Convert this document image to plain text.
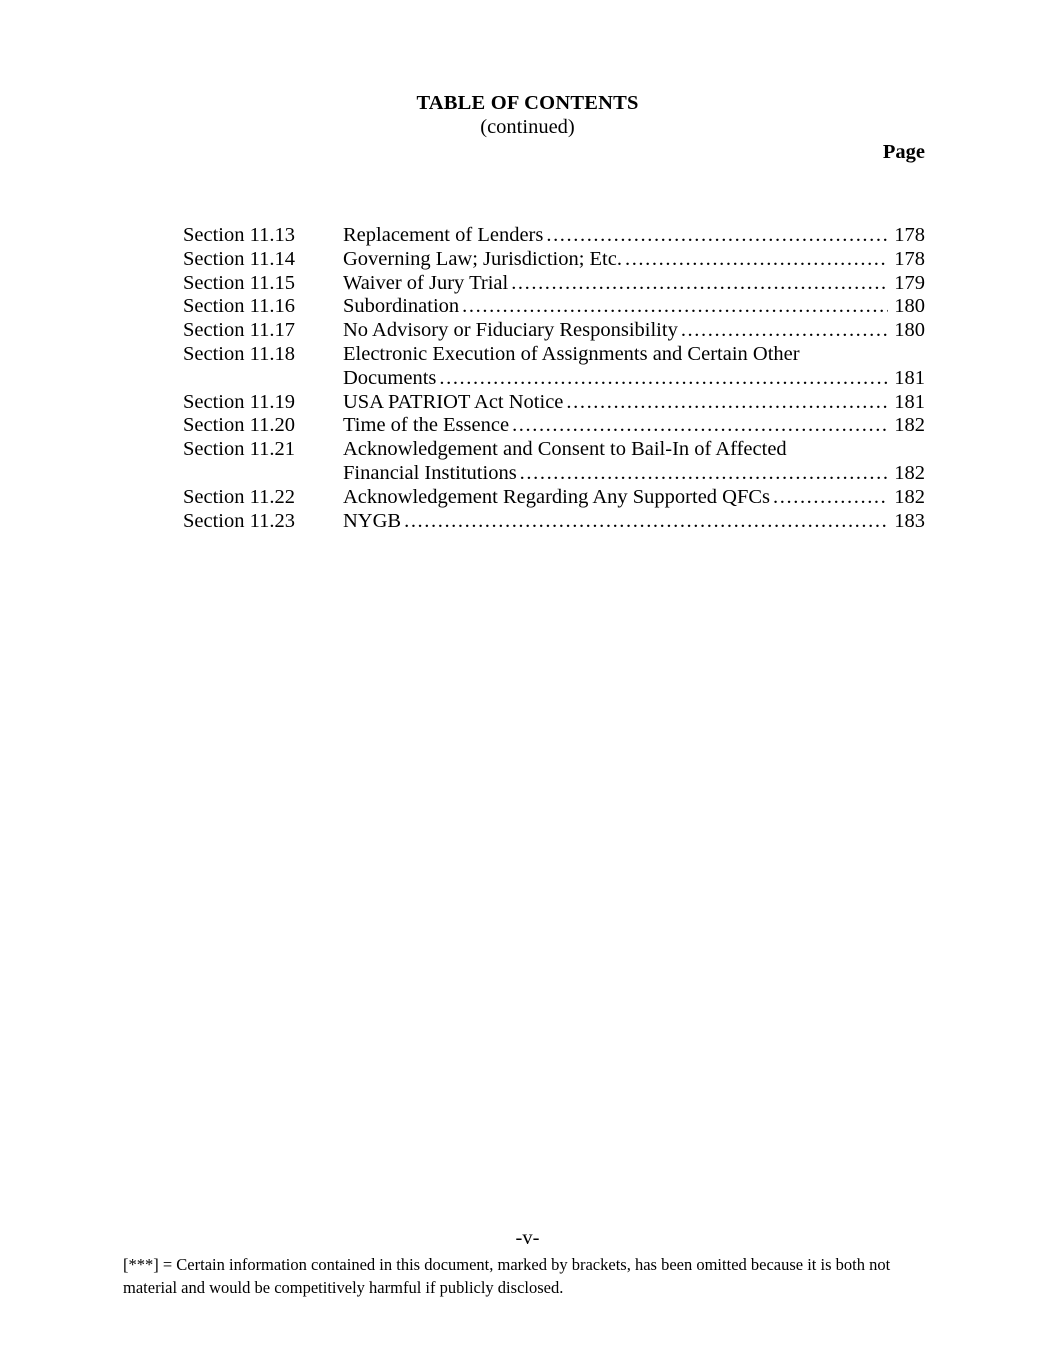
TABLE OF CONTENTS
(continued)
Page
Section 11.13	Replacement of Lenders .....	178
Section 11.14	Governing Law; Jurisdiction; Etc. .....	178
Section 11.15	Waiver of Jury Trial .....	179
Section 11.16	Subordination .....	180
Section 11.17	No Advisory or Fiduciary Responsibility .....	180
Section 11.18	Electronic Execution of Assignments and Certain Other
Documents .....	181
Section 11.19	USA PATRIOT Act Notice .....	181
Section 11.20	Time of the Essence .....	182
Section 11.21	Acknowledgement and Consent to Bail-In of Affected
Financial Institutions .....	182
Section 11.22	Acknowledgement Regarding Any Supported QFCs .....	182
Section 11.23	NYGB .....	183
-v-
[***] = Certain information contained in this document, marked by brackets, has been omitted because it is both not material and would be competitively harmful if publicly disclosed.
